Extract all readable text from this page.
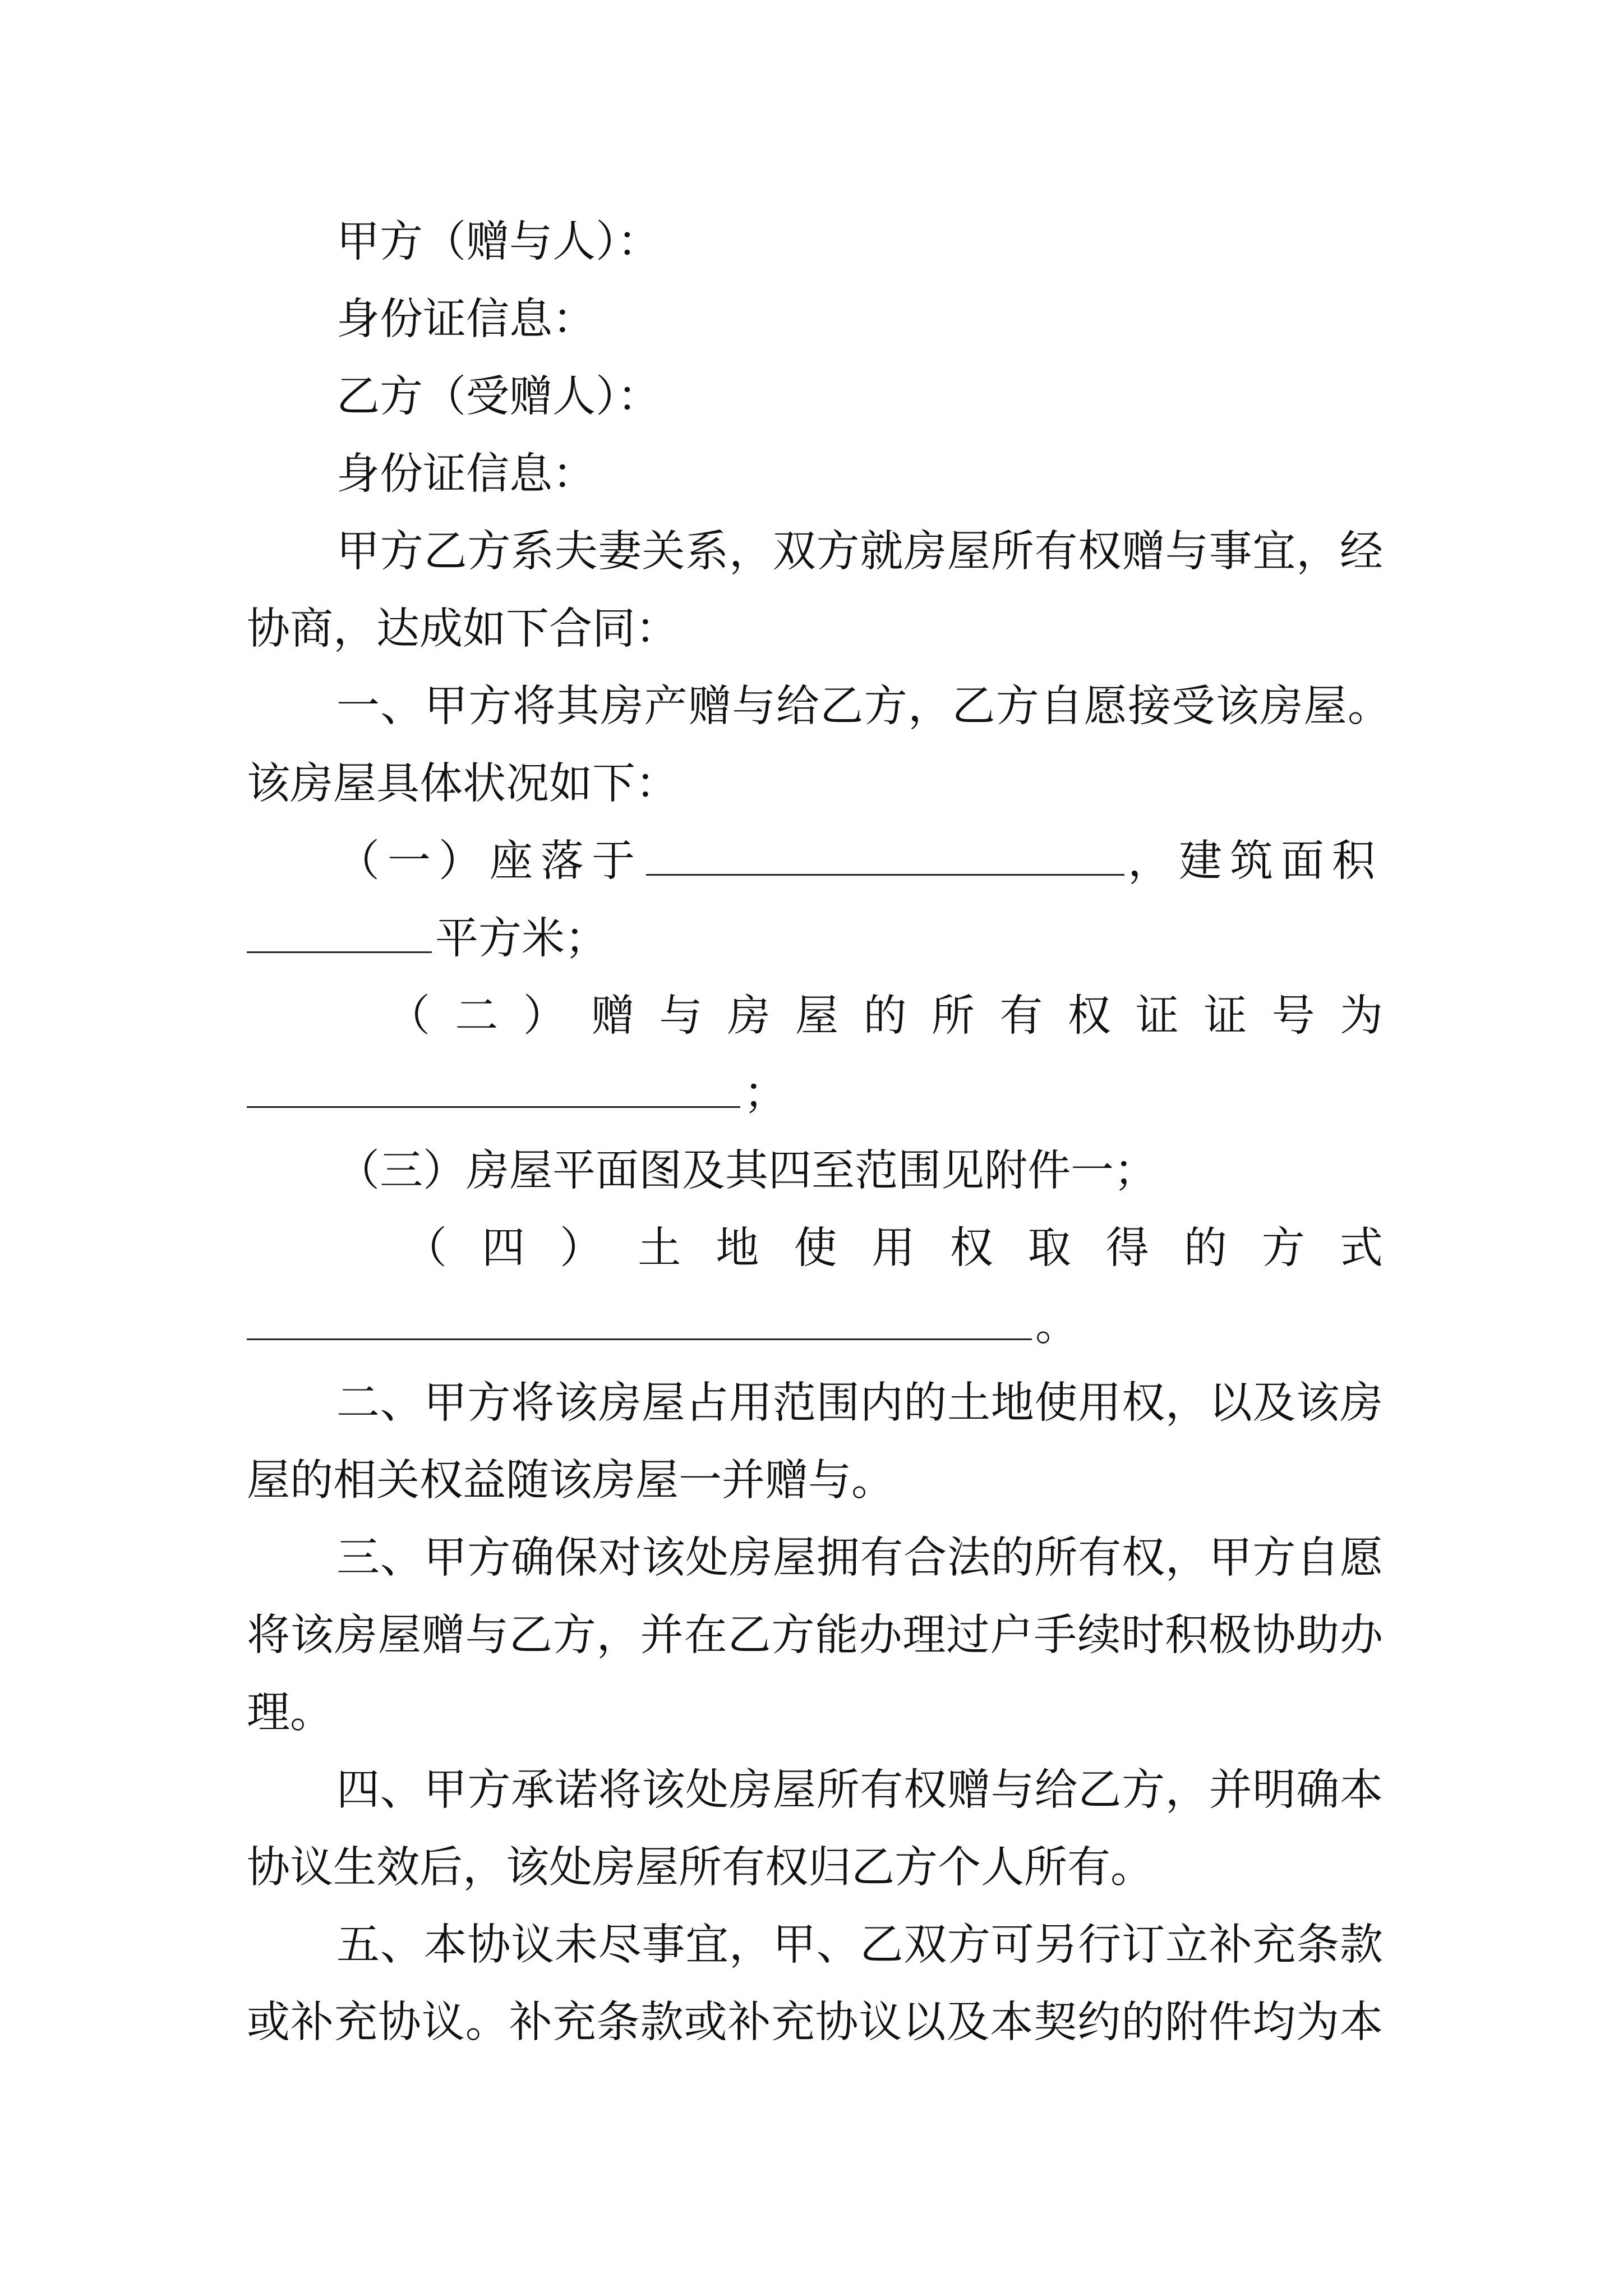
甲方（赠与人）：
身份证信息：
乙方（受赠人）：
身份证信息：
甲方乙方系夫妻关系，双方就房屋所有权赠与事宜，经
协商，达成如下合同：
一、甲方将其房产赠与给乙方，乙方自愿接受该房屋。
该房屋具体状况如下：
（一）座落于	，建筑面积
平方米；
（二）赠与房屋的所有权证证号为
；
（三）房屋平面图及其四至范围见附件一；
（四）土地使用权取得的方式
。
二、甲方将该房屋占用范围内的土地使用权，以及该房
屋的相关权益随该房屋一并赠与。
三、甲方确保对该处房屋拥有合法的所有权，甲方自愿
将该房屋赠与乙方，并在乙方能办理过户手续时积极协助办
理。
四、甲方承诺将该处房屋所有权赠与给乙方，并明确本
协议生效后，该处房屋所有权归乙方个人所有。
五、本协议未尽事宜，甲、乙双方可另行订立补充条款
或补充协议。补充条款或补充协议以及本契约的附件均为本
